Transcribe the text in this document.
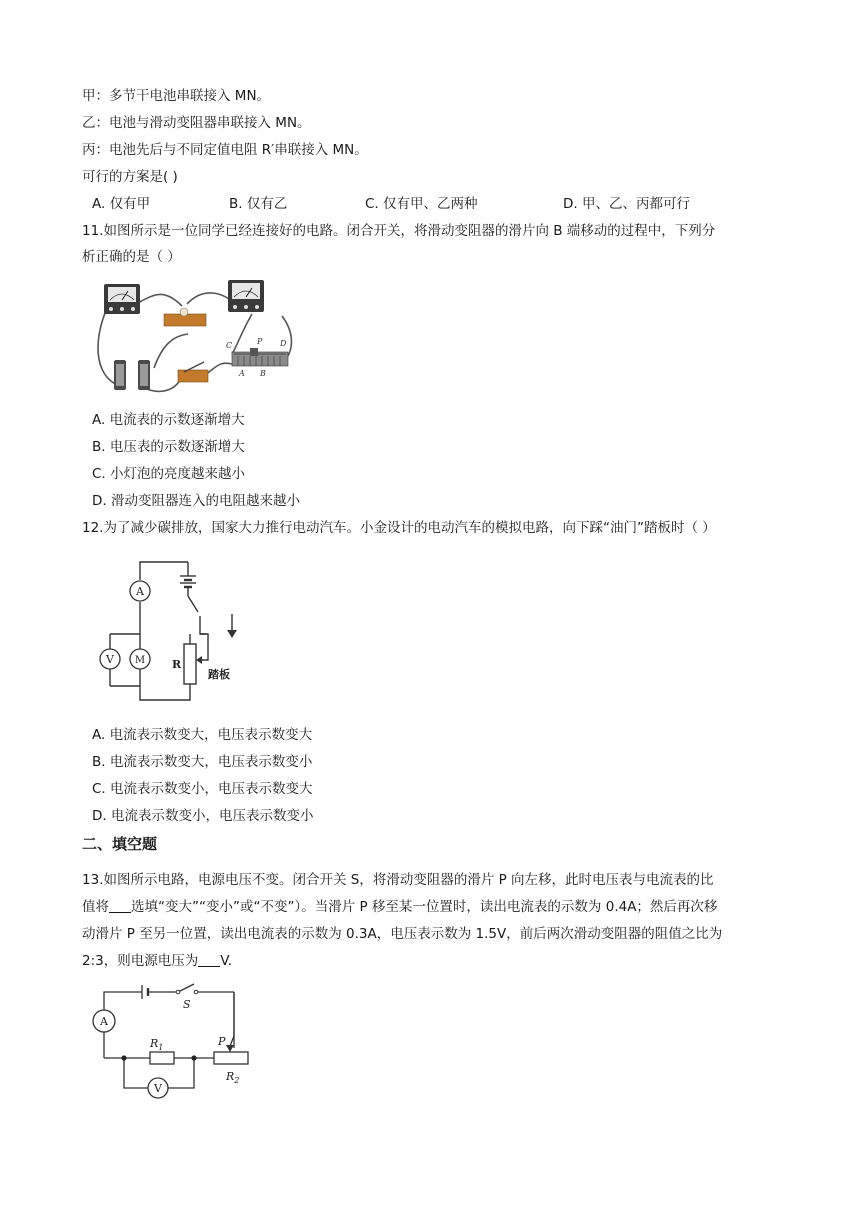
甲：多节干电池串联接入 MN。
乙：电池与滑动变阻器串联接入 MN。
丙：电池先后与不同定值电阻 R′串联接入 MN。
可行的方案是( )
A. 仅有甲	B. 仅有乙	C. 仅有甲、乙两种	D. 甲、乙、丙都可行
11.如图所示是一位同学已经连接好的电路。闭合开关，将滑动变阻器的滑片向 B 端移动的过程中，下列分
析正确的是（ ）
C	P D
A B
A. 电流表的示数逐渐增大
B. 电压表的示数逐渐增大
C. 小灯泡的亮度越来越小
D. 滑动变阻器连入的电阻越来越小
12.为了减少碳排放，国家大力推行电动汽车。小金设计的电动汽车的模拟电路，向下踩“油门”踏板时（ ）
A
V M R
踏板
A. 电流表示数变大，电压表示数变大
B. 电流表示数变大，电压表示数变小
C. 电流表示数变小，电压表示数变大
D. 电流表示数变小，电压表示数变小
二、填空题
13.如图所示电路，电源电压不变。闭合开关 S，将滑动变阻器的滑片 P 向左移，此时电压表与电流表的比
值将 选填“变大”“变小”或“不变”）。当滑片 P 移至某一位置时，读出电流表的示数为 0.4A；然后再次移
动滑片 P 至另一位置，读出电流表的示数为 0.3A，电压表示数为 1.5V，前后两次滑动变阻器的阻值之比为
2:3，则电源电压为 V.
S
A
$R_1$	P
$R_2$
V
